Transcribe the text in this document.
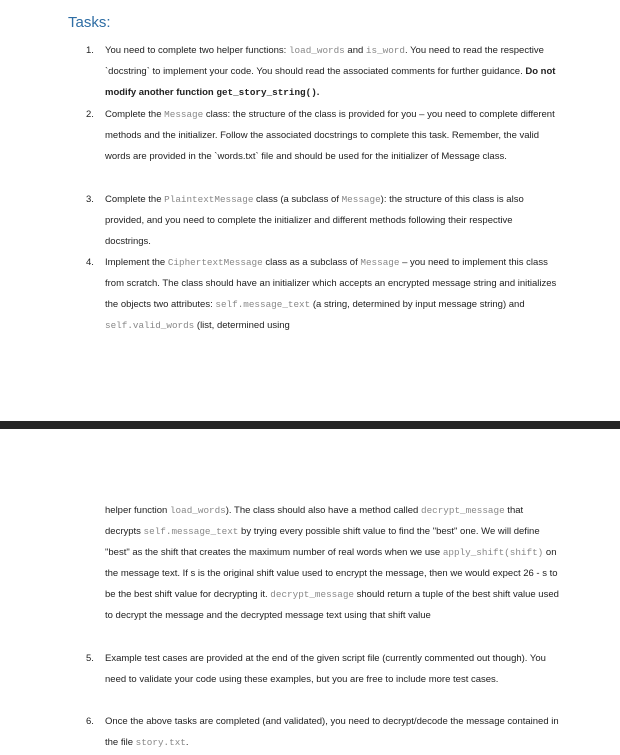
Tasks:
1.	You need to complete two helper functions: load_words and is_word. You need to read the respective `docstring` to implement your code. You should read the associated comments for further guidance. Do not modify another function get_story_string().

2.	Complete the Message class: the structure of the class is provided for you – you need to complete different methods and the initializer. Follow the associated docstrings to complete this task. Remember, the valid words are provided in the `words.txt` file and should be used for the initializer of Message class.

3.	Complete the PlaintextMessage class (a subclass of Message): the structure of this class is also provided, and you need to complete the initializer and different methods following their respective docstrings.

4.	Implement the CiphertextMessage class as a subclass of Message – you need to implement this class from scratch. The class should have an initializer which accepts an encrypted message string and initializes the objects two attributes: self.message_text (a string, determined by input message string) and self.valid_words (list, determined using

helper function load_words). The class should also have a method called decrypt_message that decrypts self.message_text by trying every possible shift value to find the "best" one. We will define "best" as the shift that creates the maximum number of real words when we use apply_shift(shift) on the message text. If s is the original shift value used to encrypt the message, then we would expect 26 - s to be the best shift value for decrypting it. decrypt_message should return a tuple of the best shift value used to decrypt the message and the decrypted message text using that shift value

5.	Example test cases are provided at the end of the given script file (currently commented out though). You need to validate your code using these examples, but you are free to include more test cases.

6.	Once the above tasks are completed (and validated), you need to decrypt/decode the message contained in the file story.txt.
